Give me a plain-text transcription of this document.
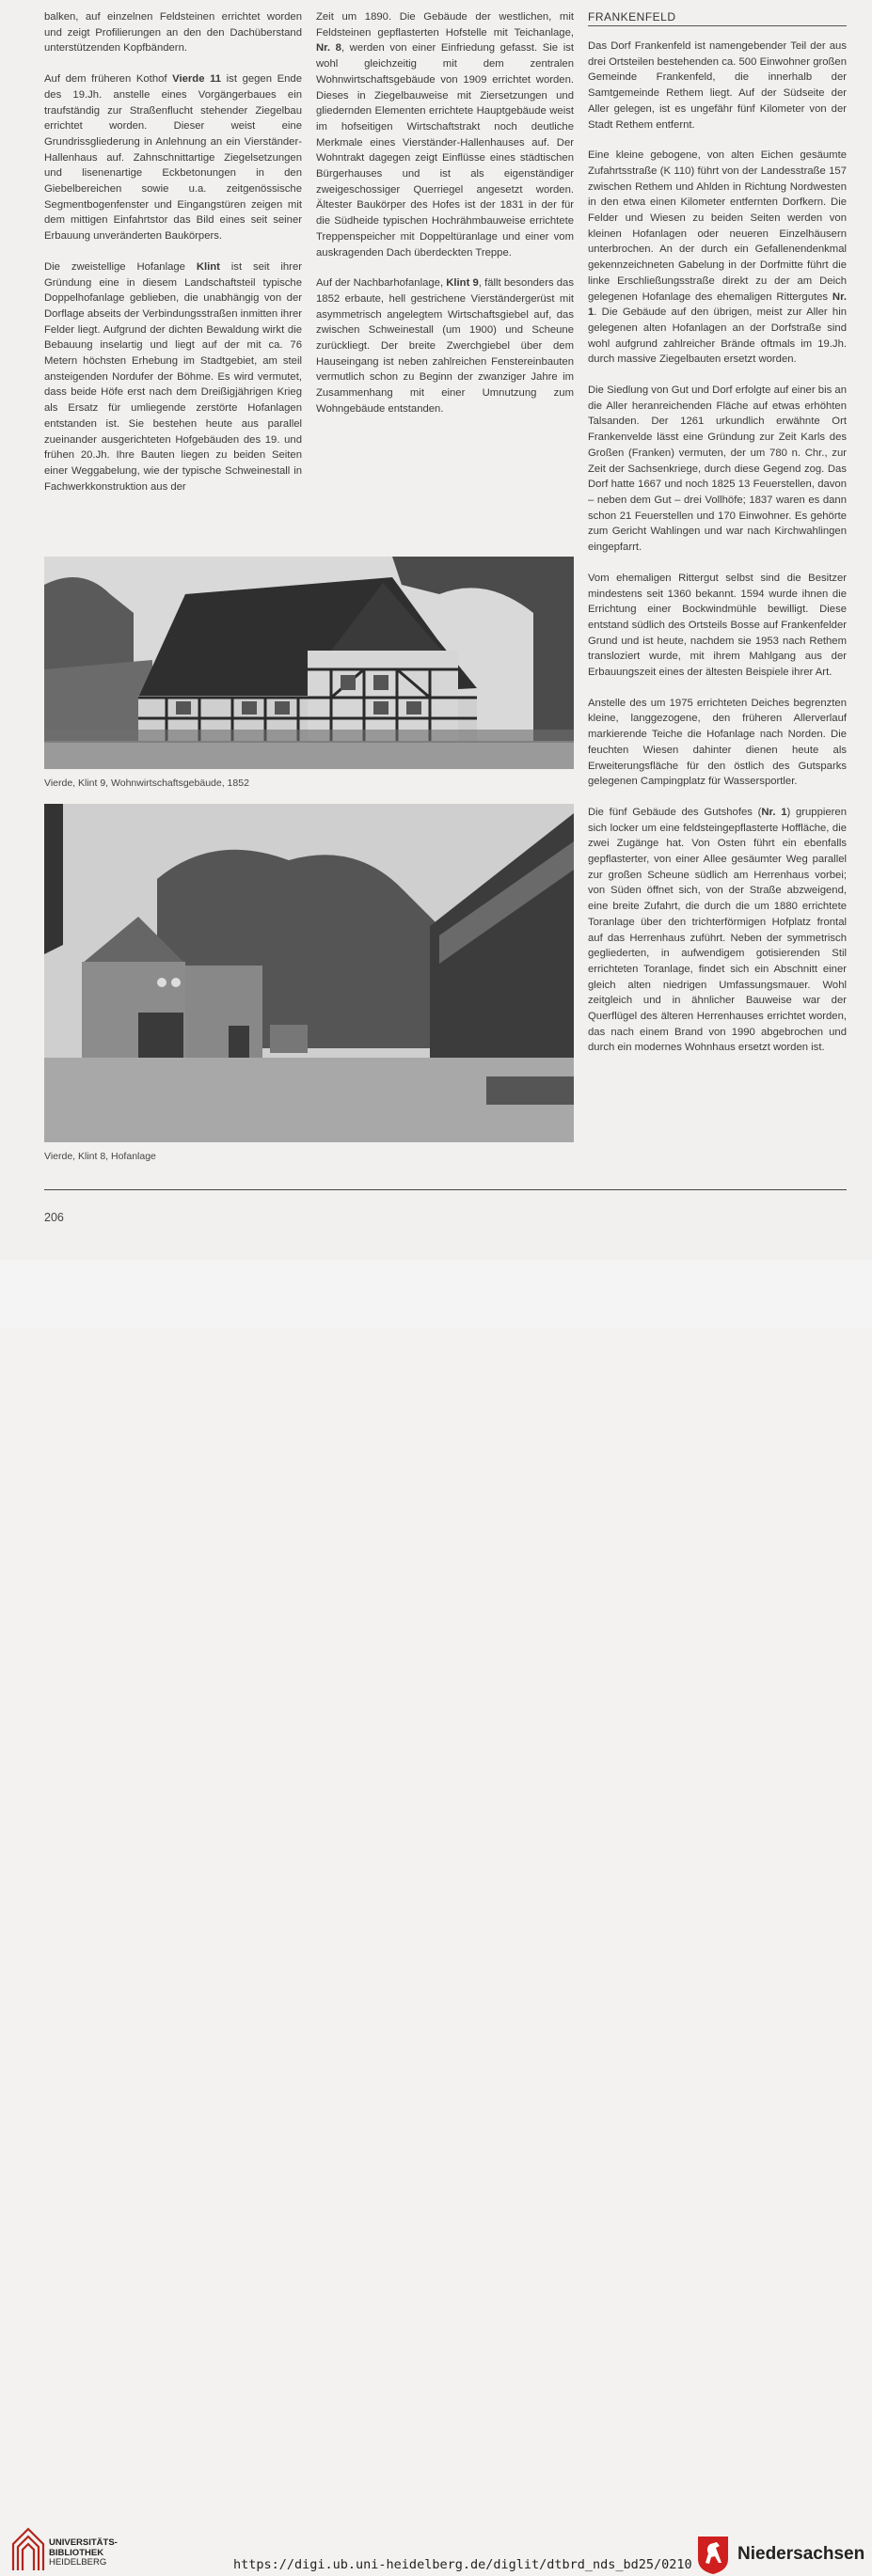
balken, auf einzelnen Feldsteinen errichtet worden und zeigt Profilierungen an den den Dachüberstand unterstützenden Kopfbändern.

Auf dem früheren Kothof Vierde 11 ist gegen Ende des 19.Jh. anstelle eines Vorgängerbaues ein traufständig zur Straßenflucht stehender Ziegelbau errichtet worden. Dieser weist eine Grundrissgliederung in Anlehnung an ein Vierständer-Hallenhaus auf. Zahnschnittartige Ziegelsetzungen und lisenenartige Eckbetonungen in den Giebelbereichen sowie u.a. zeitgenössische Segmentbogenfenster und Eingangstüren zeigen mit dem mittigen Einfahrtstor das Bild eines seit seiner Erbauung unveränderten Baukörpers.

Die zweistellige Hofanlage Klint ist seit ihrer Gründung eine in diesem Landschaftsteil typische Doppelhofanlage geblieben, die unabhängig von der Dorflage abseits der Verbindungsstraßen inmitten ihrer Felder liegt. Aufgrund der dichten Bewaldung wirkt die Bebauung inselartig und liegt auf der mit ca. 76 Metern höchsten Erhebung im Stadtgebiet, am steil ansteigenden Nordufer der Böhme. Es wird vermutet, dass beide Höfe erst nach dem Dreißigjährigen Krieg als Ersatz für umliegende zerstörte Hofanlagen entstanden ist. Sie bestehen heute aus parallel zueinander ausgerichteten Hofgebäuden des 19. und frühen 20.Jh. Ihre Bauten liegen zu beiden Seiten einer Weggabelung, wie der typische Schweinestall in Fachwerkkonstruktion aus der

Zeit um 1890. Die Gebäude der westlichen, mit Feldsteinen gepflasterten Hofstelle mit Teichanlage, Nr. 8, werden von einer Einfriedung gefasst. Sie ist wohl gleichzeitig mit dem zentralen Wohnwirtschaftsgebäude von 1909 errichtet worden. Dieses in Ziegelbauweise mit Ziersetzungen und gliedernden Elementen errichtete Hauptgebäude weist im hofseitigen Wirtschaftstrakt noch deutliche Merkmale eines Vierständer-Hallenhauses auf. Der Wohntrakt dagegen zeigt Einflüsse eines städtischen Bürgerhauses und ist als eigenständiger zweigeschossiger Querriegel angesetzt worden. Ältester Baukörper des Hofes ist der 1831 in der für die Südheide typischen Hochrähmbauweise errichtete Treppenspeicher mit Doppeltüranlage und einer vom auskragenden Dach überdeckten Treppe.

Auf der Nachbarhofanlage, Klint 9, fällt besonders das 1852 erbaute, hell gestrichene Vierständergerüst mit asymmetrisch angelegtem Wirtschaftsgiebel auf, das zwischen Schweinestall (um 1900) und Scheune zurückliegt. Der breite Zwerchgiebel über dem Hauseingang ist neben zahlreichen Fenstereinbauten vermutlich schon zu Beginn der zwanziger Jahre im Zusammenhang mit einer Umnutzung zum Wohngebäude entstanden.

FRANKENFELD

Das Dorf Frankenfeld ist namengebender Teil der aus drei Ortsteilen bestehenden ca. 500 Einwohner großen Gemeinde Frankenfeld, die innerhalb der Samtgemeinde Rethem liegt. Auf der Südseite der Aller gelegen, ist es ungefähr fünf Kilometer von der Stadt Rethem entfernt.

Eine kleine gebogene, von alten Eichen gesäumte Zufahrtsstraße (K 110) führt von der Landesstraße 157 zwischen Rethem und Ahlden in Richtung Nordwesten in den etwa einen Kilometer entfernten Dorfkern. Die Felder und Wiesen zu beiden Seiten werden von kleinen Hofanlagen oder neueren Einzelhäusern unterbrochen. An der durch ein Gefallenendenkmal gekennzeichneten Gabelung in der Dorfmitte führt die linke Erschließungsstraße direkt zu der am Deich gelegenen Hofanlage des ehemaligen Rittergutes Nr. 1. Die Gebäude auf den übrigen, meist zur Aller hin gelegenen alten Hofanlagen an der Dorfstraße sind wohl aufgrund zahlreicher Brände oftmals im 19.Jh. durch massive Ziegelbauten ersetzt worden.

Die Siedlung von Gut und Dorf erfolgte auf einer bis an die Aller heranreichenden Fläche auf etwas erhöhten Talsanden. Der 1261 urkundlich erwähnte Ort Frankenvelde lässt eine Gründung zur Zeit Karls des Großen (Franken) vermuten, der um 780 n. Chr., zur Zeit der Sachsenkriege, durch diese Gegend zog. Das Dorf hatte 1667 und noch 1825 13 Feuerstellen, davon – neben dem Gut – drei Vollhöfe; 1837 waren es dann schon 21 Feuerstellen und 170 Einwohner. Es gehörte zum Gericht Wahlingen und war nach Kirchwahlingen eingepfarrt.

Vom ehemaligen Rittergut selbst sind die Besitzer mindestens seit 1360 bekannt. 1594 wurde ihnen die Errichtung einer Bockwindmühle bewilligt. Diese entstand südlich des Ortsteils Bosse auf Frankenfelder Grund und ist heute, nachdem sie 1953 nach Rethem transloziert wurde, mit ihrem Mahlgang aus der Erbauungszeit eines der ältesten Beispiele ihrer Art.

Anstelle des um 1975 errichteten Deiches begrenzten kleine, langgezogene, den früheren Allerverlauf markierende Teiche die Hofanlage nach Norden. Die feuchten Wiesen dahinter dienen heute als Erweiterungsfläche für den östlich des Gutsparks gelegenen Campingplatz für Wassersportler.

Die fünf Gebäude des Gutshofes (Nr. 1) gruppieren sich locker um eine feldsteingepflasterte Hoffläche, die zwei Zugänge hat. Von Osten führt ein ebenfalls gepflasterter, von einer Allee gesäumter Weg parallel zur großen Scheune südlich am Herrenhaus vorbei; von Süden öffnet sich, von der Straße abzweigend, eine breite Zufahrt, die durch die um 1880 errichtete Toranlage über den trichterförmigen Hofplatz frontal auf das Herrenhaus zuführt. Neben der symmetrisch gegliederten, in aufwendigem gotisierenden Stil errichteten Toranlage, findet sich ein Abschnitt einer gleich alten niedrigen Umfassungsmauer. Wohl zeitgleich und in ähnlicher Bauweise war der Querflügel des älteren Herrenhauses errichtet worden, das nach einem Brand von 1990 abgebrochen und durch ein modernes Wohnhaus ersetzt worden ist.

Vierde, Klint 9, Wohnwirtschaftsgebäude, 1852
Vierde, Klint 8, Hofanlage
206
UNIVERSITÄTS-
BIBLIOTHEK
HEIDELBERG	https://digi.ub.uni-heidelberg.de/diglit/dtbrd_nds_bd25/0210
Niedersachsen
